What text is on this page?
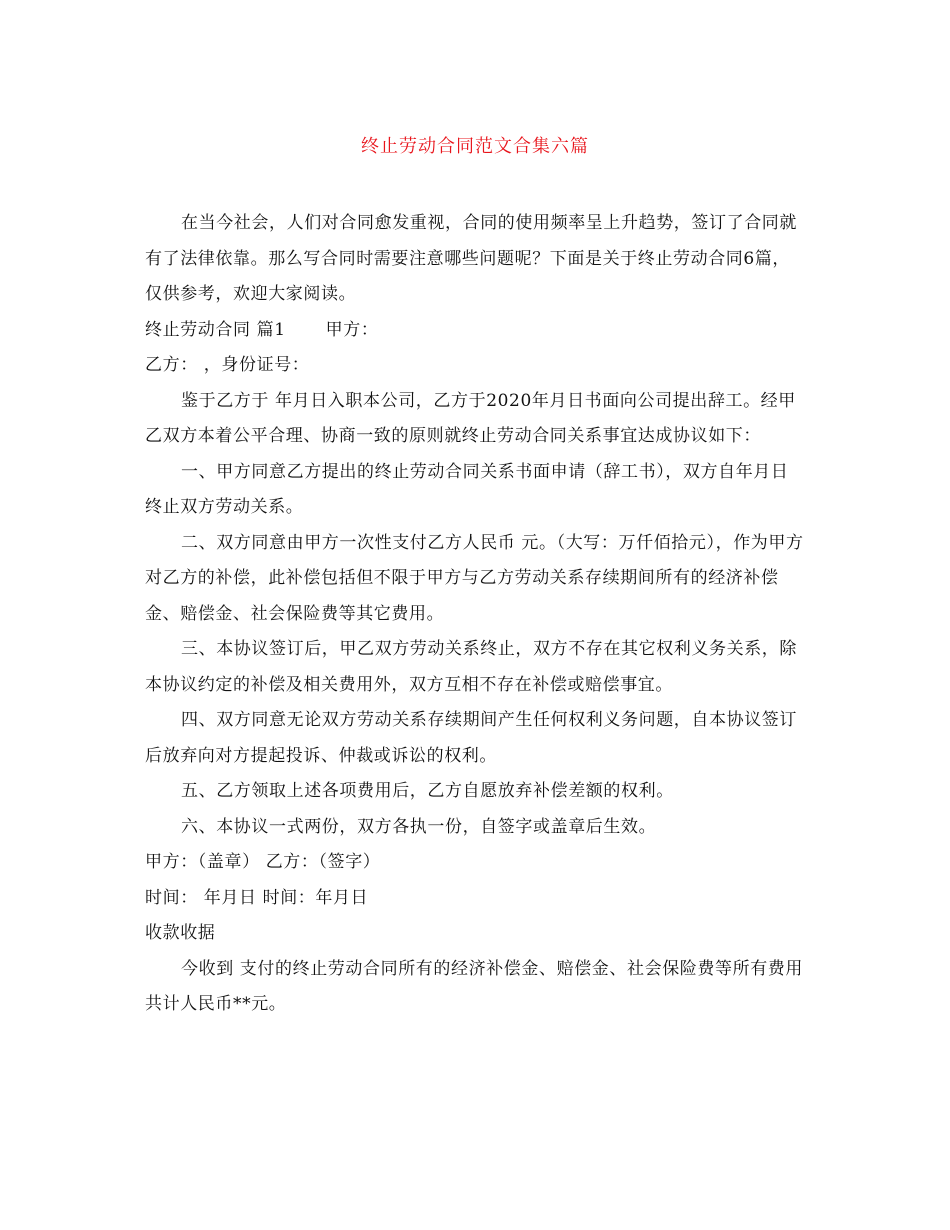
终止劳动合同范文合集六篇

在当今社会，人们对合同愈发重视，合同的使用频率呈上升趋势，签订了合同就有了法律依靠。那么写合同时需要注意哪些问题呢？下面是关于终止劳动合同6篇，仅供参考，欢迎大家阅读。

终止劳动合同 篇1 甲方：

乙方： ，身份证号：

鉴于乙方于 年月日入职本公司，乙方于2020年月日书面向公司提出辞工。经甲乙双方本着公平合理、协商一致的原则就终止劳动合同关系事宜达成协议如下：

一、甲方同意乙方提出的终止劳动合同关系书面申请（辞工书），双方自年月日终止双方劳动关系。

二、双方同意由甲方一次性支付乙方人民币 元。（大写：万仟佰拾元），作为甲方对乙方的补偿，此补偿包括但不限于甲方与乙方劳动关系存续期间所有的经济补偿金、赔偿金、社会保险费等其它费用。

三、本协议签订后，甲乙双方劳动关系终止，双方不存在其它权利义务关系，除本协议约定的补偿及相关费用外，双方互相不存在补偿或赔偿事宜。

四、双方同意无论双方劳动关系存续期间产生任何权利义务问题，自本协议签订后放弃向对方提起投诉、仲裁或诉讼的权利。

五、乙方领取上述各项费用后，乙方自愿放弃补偿差额的权利。

六、本协议一式两份，双方各执一份，自签字或盖章后生效。

甲方：（盖章） 乙方：（签字）

时间： 年月日 时间：年月日

收款收据

今收到 支付的终止劳动合同所有的经济补偿金、赔偿金、社会保险费等所有费用共计人民币**元。
